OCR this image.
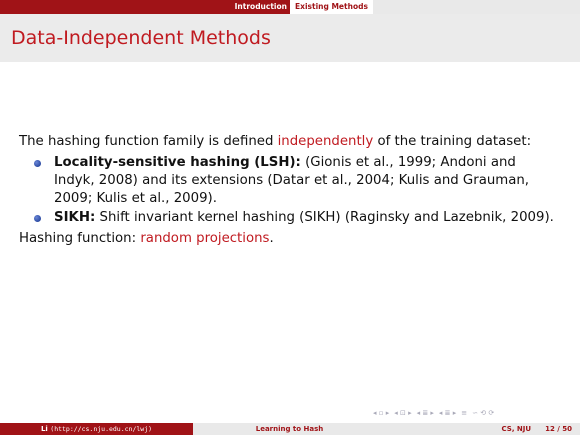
Introduction	Existing Methods
Data-Independent Methods

The hashing function family is defined independently of the training dataset:

Locality-sensitive hashing (LSH): (Gionis et al., 1999; Andoni and Indyk, 2008) and its extensions (Datar et al., 2004; Kulis and Grauman, 2009; Kulis et al., 2009).
SIKH: Shift invariant kernel hashing (SIKH) (Raginsky and Lazebnik, 2009).

Hashing function: random projections.

◂ ▫ ▸ ◂ ⊡ ▸ ◂ ≣ ▸ ◂ ≣ ▸ ≡ ∽ ⟲ ⟳
Li
(http://cs.nju.edu.cn/lwj)	Learning to Hash	CS, NJU 12 / 50
